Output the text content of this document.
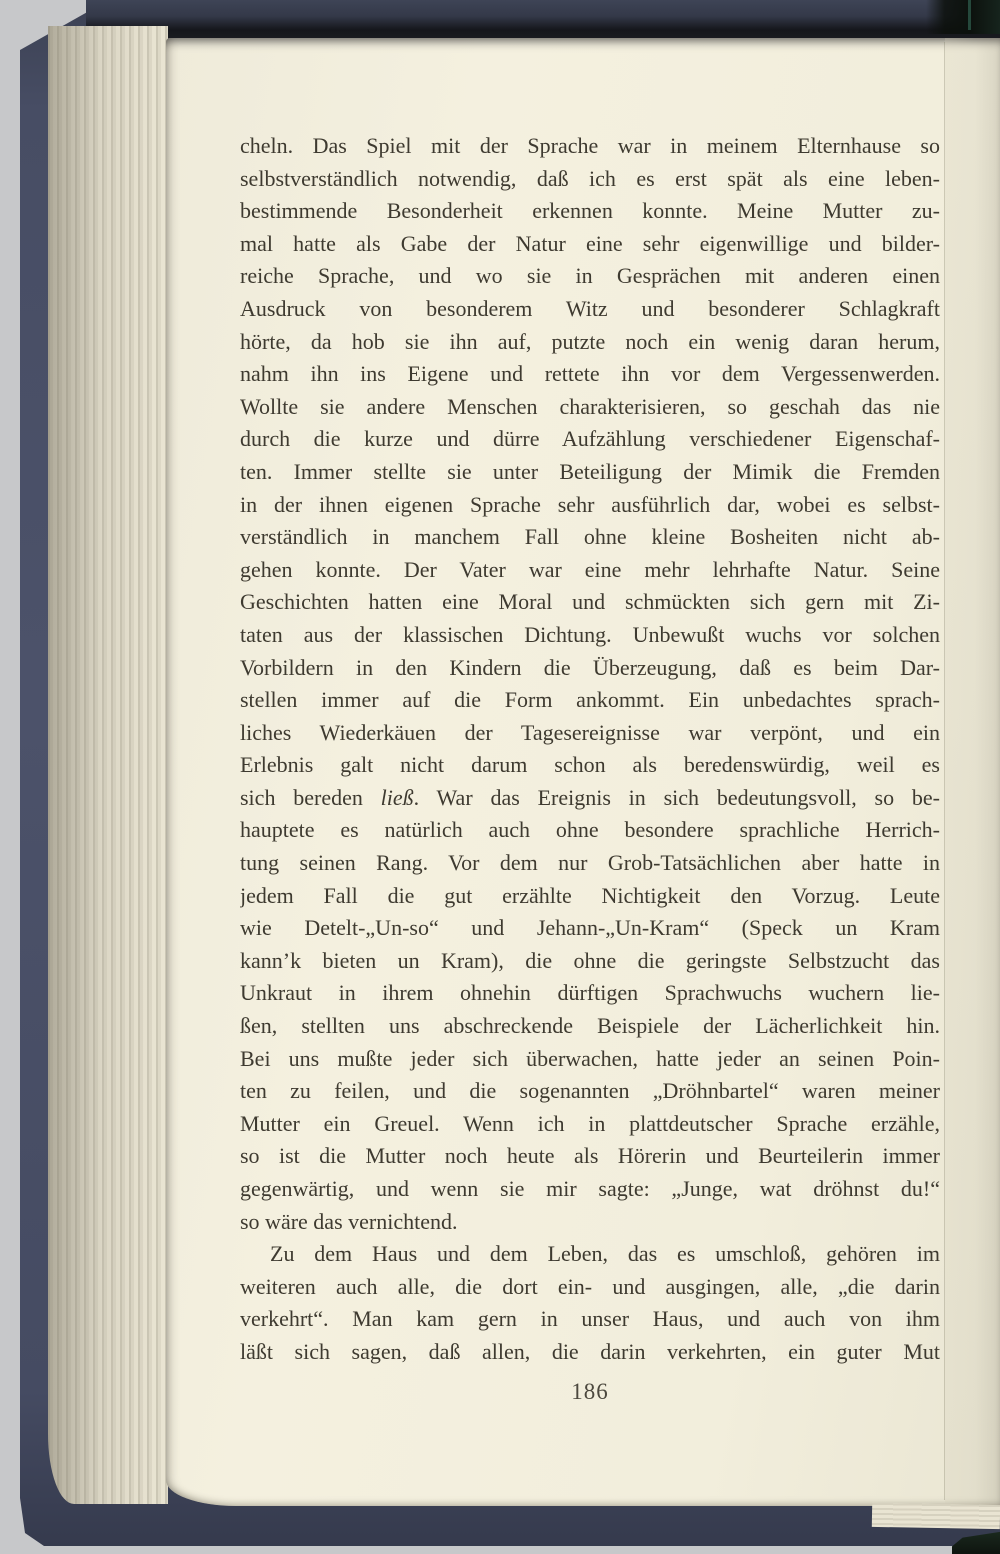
cheln. Das Spiel mit der Sprache war in meinem Elternhause so
selbstverständlich notwendig, daß ich es erst spät als eine leben-
bestimmende Besonderheit erkennen konnte. Meine Mutter zu-
mal hatte als Gabe der Natur eine sehr eigenwillige und bilder-
reiche Sprache, und wo sie in Gesprächen mit anderen einen
Ausdruck von besonderem Witz und besonderer Schlagkraft
hörte, da hob sie ihn auf, putzte noch ein wenig daran herum,
nahm ihn ins Eigene und rettete ihn vor dem Vergessenwerden.
Wollte sie andere Menschen charakterisieren, so geschah das nie
durch die kurze und dürre Aufzählung verschiedener Eigenschaf-
ten. Immer stellte sie unter Beteiligung der Mimik die Fremden
in der ihnen eigenen Sprache sehr ausführlich dar, wobei es selbst-
verständlich in manchem Fall ohne kleine Bosheiten nicht ab-
gehen konnte. Der Vater war eine mehr lehrhafte Natur. Seine
Geschichten hatten eine Moral und schmückten sich gern mit Zi-
taten aus der klassischen Dichtung. Unbewußt wuchs vor solchen
Vorbildern in den Kindern die Überzeugung, daß es beim Dar-
stellen immer auf die Form ankommt. Ein unbedachtes sprach-
liches Wiederkäuen der Tagesereignisse war verpönt, und ein
Erlebnis galt nicht darum schon als beredenswürdig, weil es
sich bereden ließ. War das Ereignis in sich bedeutungsvoll, so be-
hauptete es natürlich auch ohne besondere sprachliche Herrich-
tung seinen Rang. Vor dem nur Grob-Tatsächlichen aber hatte in
jedem Fall die gut erzählte Nichtigkeit den Vorzug. Leute
wie Detelt-„Un-so“ und Jehann-„Un-Kram“ (Speck un Kram
kann’k bieten un Kram), die ohne die geringste Selbstzucht das
Unkraut in ihrem ohnehin dürftigen Sprachwuchs wuchern lie-
ßen, stellten uns abschreckende Beispiele der Lächerlichkeit hin.
Bei uns mußte jeder sich überwachen, hatte jeder an seinen Poin-
ten zu feilen, und die sogenannten „Dröhnbartel“ waren meiner
Mutter ein Greuel. Wenn ich in plattdeutscher Sprache erzähle,
so ist die Mutter noch heute als Hörerin und Beurteilerin immer
gegenwärtig, und wenn sie mir sagte: „Junge, wat dröhnst du!“
so wäre das vernichtend.
Zu dem Haus und dem Leben, das es umschloß, gehören im
weiteren auch alle, die dort ein- und ausgingen, alle, „die darin
verkehrt“. Man kam gern in unser Haus, und auch von ihm
läßt sich sagen, daß allen, die darin verkehrten, ein guter Mut
186
